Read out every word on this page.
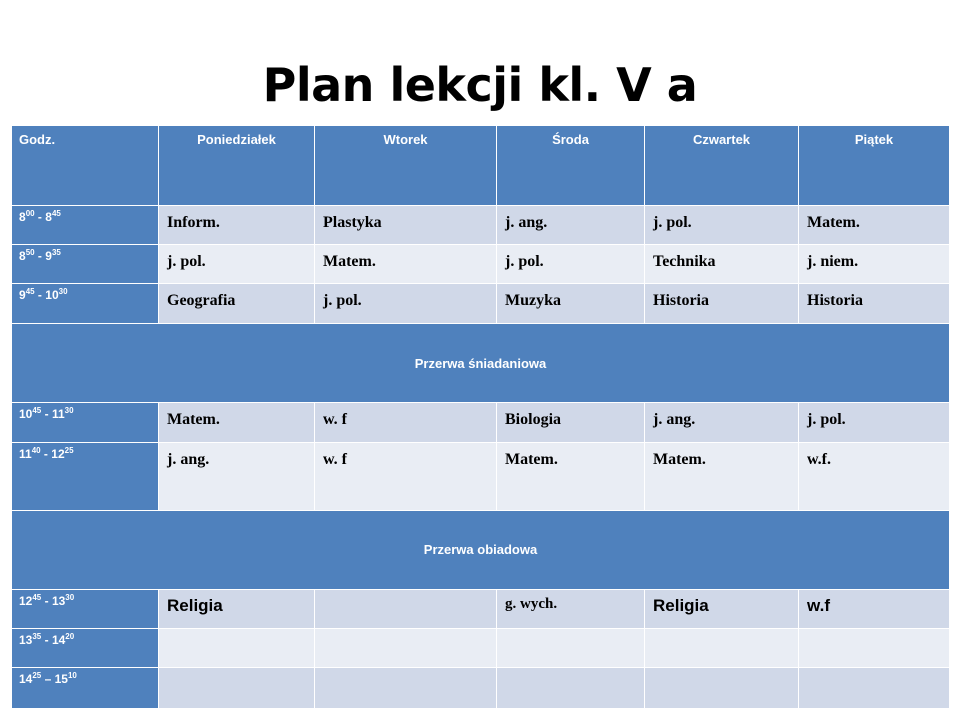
Plan lekcji kl. V a
Godz.	Poniedziałek	Wtorek	Środa	Czwartek	Piątek
$8^{00} - 8^{45}$	Inform.	Plastyka	j. ang.	j. pol.	Matem.
$8^{50} - 9^{35}$	j. pol.	Matem.	j. pol.	Technika	j. niem.
$9^{45} - 10^{30}$	Geografia	j. pol.	Muzyka	Historia	Historia
Przerwa śniadaniowa					
$10^{45} - 11^{30}$	Matem.	w. f	Biologia	j. ang.	j. pol.
$11^{40} - 12^{25}$	j. ang.	w. f	Matem.	Matem.	w.f.
Przerwa obiadowa					
$12^{45} - 13^{30}$	Religia		g. wych.	Religia	w.f
$13^{35} - 14^{20}$					
$14^{25} - 15^{10}$					
